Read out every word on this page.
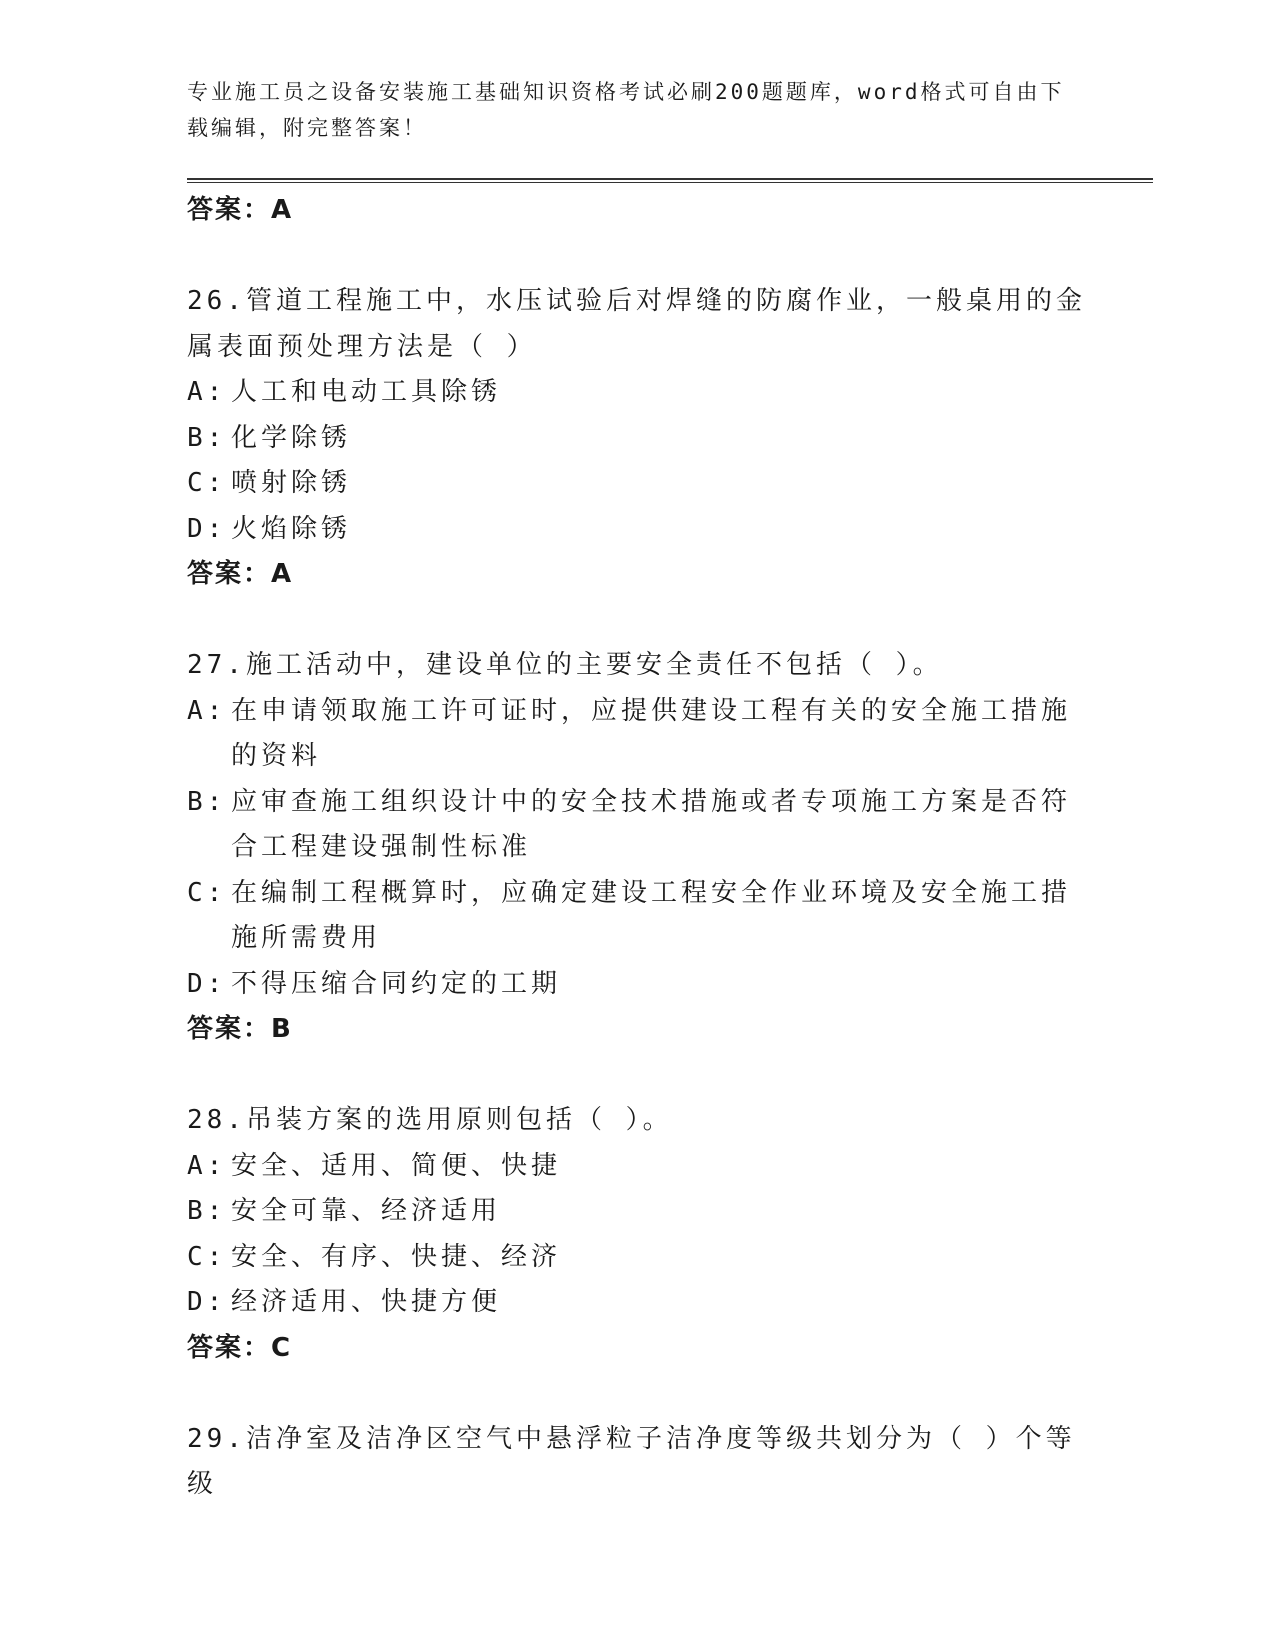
专业施工员之设备安装施工基础知识资格考试必刷200题题库，word格式可自由下载编辑，附完整答案！
答案：A
26.管道工程施工中，水压试验后对焊缝的防腐作业，一般桌用的金属表面预处理方法是（ ）
A: 人工和电动工具除锈
B: 化学除锈
C: 喷射除锈
D: 火焰除锈
答案：A
27.施工活动中，建设单位的主要安全责任不包括（ ）。
A: 在申请领取施工许可证时，应提供建设工程有关的安全施工措施的资料
B: 应审查施工组织设计中的安全技术措施或者专项施工方案是否符合工程建设强制性标准
C: 在编制工程概算时，应确定建设工程安全作业环境及安全施工措施所需费用
D: 不得压缩合同约定的工期
答案：B
28.吊装方案的选用原则包括（ ）。
A: 安全、适用、简便、快捷
B: 安全可靠、经济适用
C: 安全、有序、快捷、经济
D: 经济适用、快捷方便
答案：C
29.洁净室及洁净区空气中悬浮粒子洁净度等级共划分为（ ）个等级
